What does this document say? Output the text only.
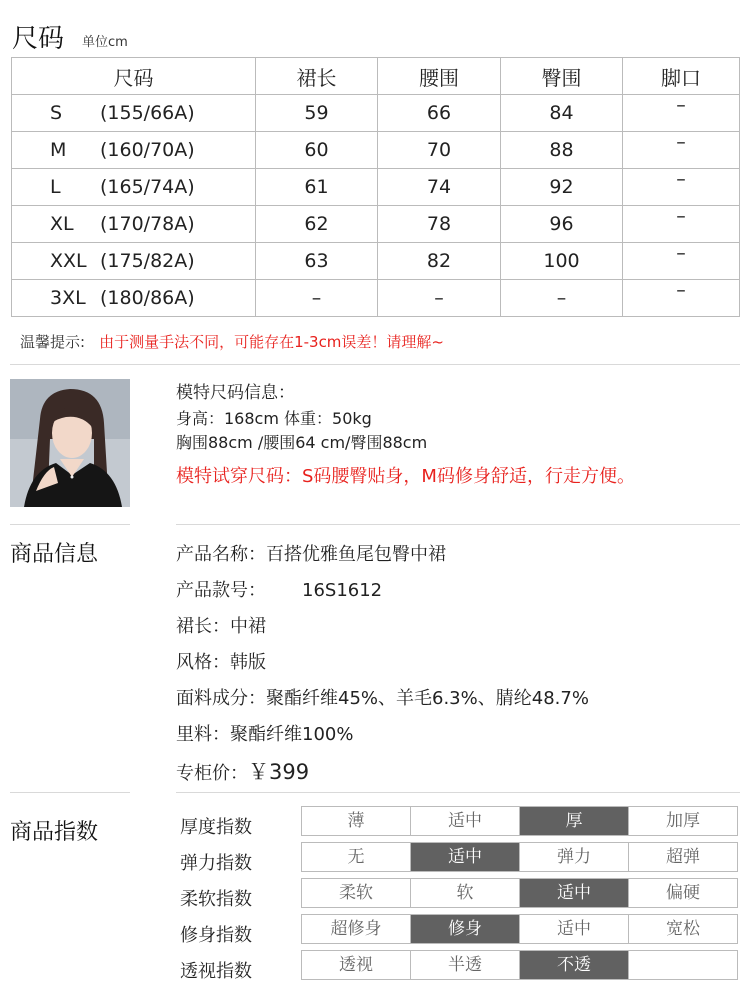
尺码 单位cm
尺码	裙长	腰围	臀围	脚口

S (155/66A)	59	66	84	–

M (160/70A)	60	70	88	–

L (165/74A)	61	74	92	–

XL (170/78A)	62	78	96	–

XXL (175/82A)	63	82	100	–

3XL (180/86A)	–	–	–	–
温馨提示: 由于测量手法不同，可能存在1-3cm误差！请理解~
模特尺码信息：
身高：168cm 体重：50kg
胸围88cm /腰围64 cm/臀围88cm
模特试穿尺码：S码腰臀贴身，M码修身舒适，行走方便。
商品信息	产品名称：百搭优雅鱼尾包臀中裙
产品款号： 16S1612
裙长：中裙
风格：韩版
面料成分：聚酯纤维45%、羊毛6.3%、腈纶48.7%
里料：聚酯纤维100%
专柜价：￥399
商品指数	厚度指数	薄	适中	厚	加厚
弹力指数	无	适中	弹力	超弹
柔软指数	柔软	软	适中	偏硬
修身指数	超修身	修身	适中	宽松
透视指数	透视	半透	不透
